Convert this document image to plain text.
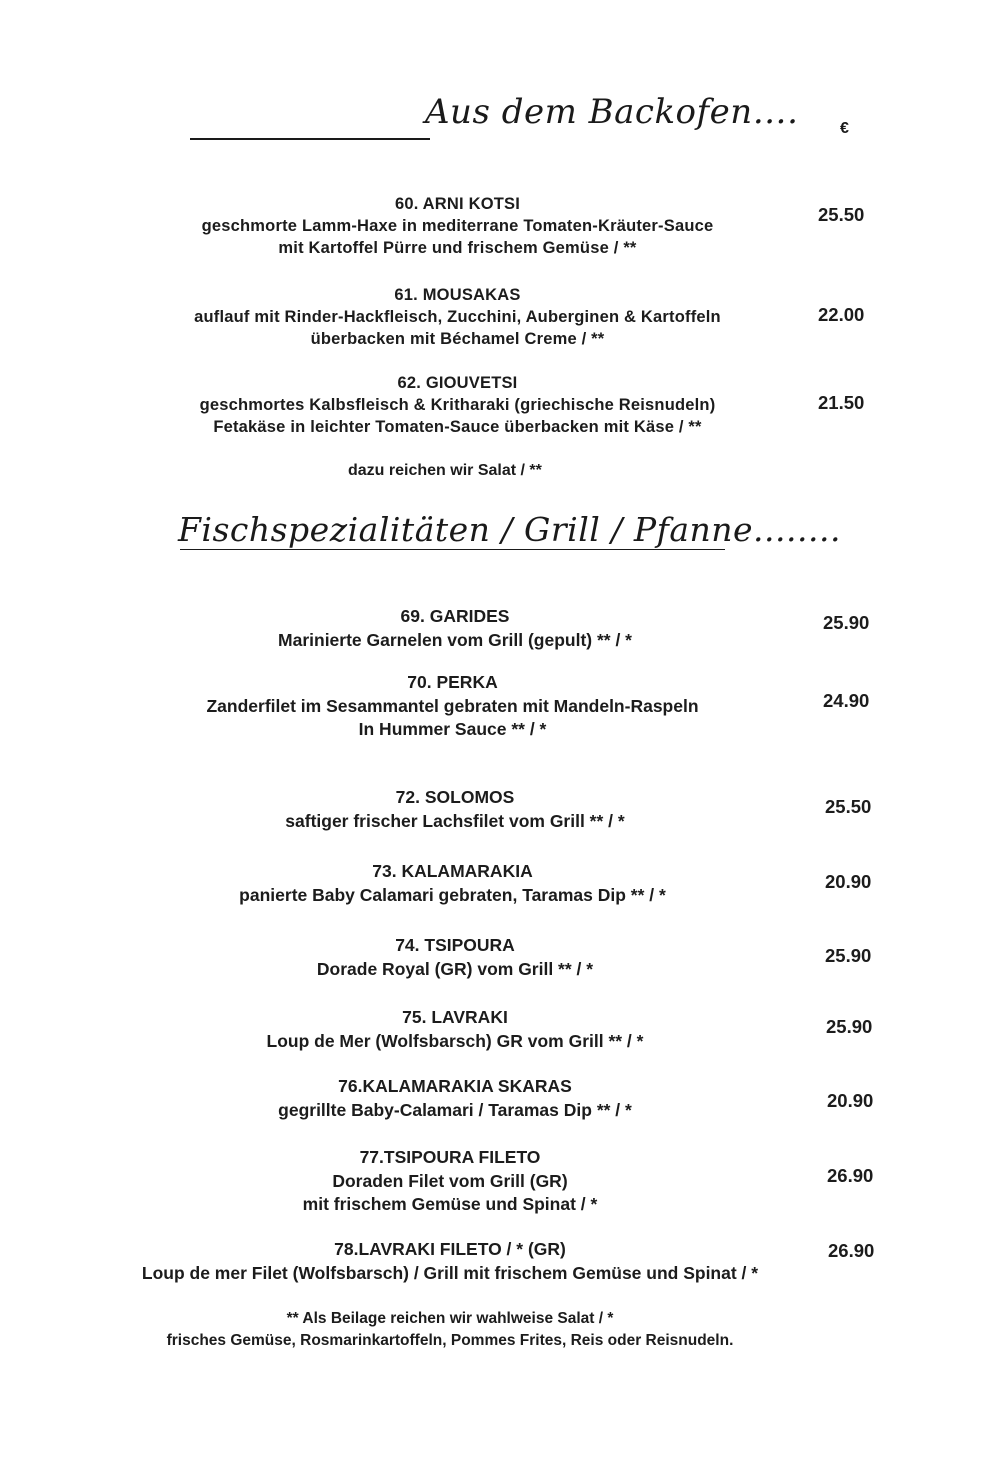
Aus dem Backofen….	€
60. ARNI KOTSI
geschmorte Lamm-Haxe in mediterrane Tomaten-Kräuter-Sauce
mit Kartoffel Pürre und frischem Gemüse / **
25.50
61. MOUSAKAS
auflauf mit Rinder-Hackfleisch, Zucchini, Auberginen & Kartoffeln
überbacken mit Béchamel Creme / **
22.00
62. GIOUVETSI
geschmortes Kalbsfleisch & Kritharaki (griechische Reisnudeln)
Fetakäse in leichter Tomaten-Sauce überbacken mit Käse / **
21.50
dazu reichen wir Salat / **
Fischspezialitäten / Grill / Pfanne........
69. GARIDES
Marinierte Garnelen vom Grill (gepult) ** / *
25.90
70. PERKA
Zanderfilet im Sesammantel gebraten mit Mandeln-Raspeln
In Hummer Sauce ** / *
24.90
72. SOLOMOS
saftiger frischer Lachsfilet vom Grill ** / *
25.50
73. KALAMARAKIA
panierte Baby Calamari gebraten, Taramas Dip ** / *
20.90
74. TSIPOURA
Dorade Royal (GR) vom Grill ** / *
25.90
75. LAVRAKI
Loup de Mer (Wolfsbarsch) GR vom Grill ** / *
25.90
76.KALAMARAKIA SKARAS
gegrillte Baby-Calamari / Taramas Dip ** / *	20.90
77.TSIPOURA FILETO
Doraden Filet vom Grill (GR)
mit frischem Gemüse und Spinat / *
26.90
78.LAVRAKI FILETO / * (GR)
Loup de mer Filet (Wolfsbarsch) / Grill mit frischem Gemüse und Spinat / *
26.90
** Als Beilage reichen wir wahlweise Salat / *
frisches Gemüse, Rosmarinkartoffeln, Pommes Frites, Reis oder Reisnudeln.
